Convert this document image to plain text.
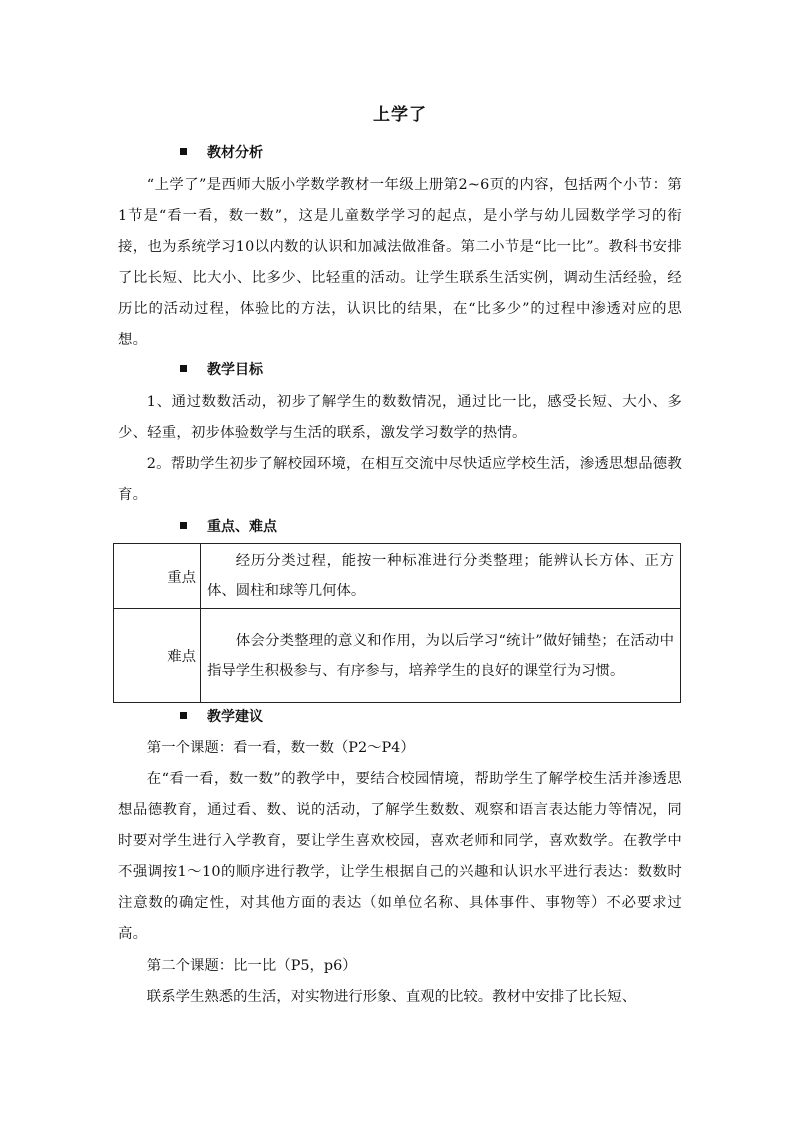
上学了
教材分析

“上学了”是西师大版小学数学教材一年级上册第2~6页的内容，包括两个小节：第1节是“看一看，数一数”，这是儿童数学学习的起点，是小学与幼儿园数学学习的衔接，也为系统学习10以内数的认识和加减法做准备。第二小节是“比一比”。教科书安排了比长短、比大小、比多少、比轻重的活动。让学生联系生活实例，调动生活经验，经历比的活动过程，体验比的方法，认识比的结果，在“比多少”的过程中渗透对应的思想。

教学目标

1、通过数数活动，初步了解学生的数数情况，通过比一比，感受长短、大小、多少、轻重，初步体验数学与生活的联系，激发学习数学的热情。

2。帮助学生初步了解校园环境，在相互交流中尽快适应学校生活，渗透思想品德教育。

重点、难点
重点	经历分类过程，能按一种标准进行分类整理；能辨认长方体、正方体、圆柱和球等几何体。
难点	体会分类整理的意义和作用，为以后学习“统计”做好铺垫；在活动中指导学生积极参与、有序参与，培养学生的良好的课堂行为习惯。
教学建议

第一个课题：看一看，数一数（P2～P4）

在“看一看，数一数”的教学中，要结合校园情境，帮助学生了解学校生活并渗透思想品德教育，通过看、数、说的活动，了解学生数数、观察和语言表达能力等情况，同时要对学生进行入学教育，要让学生喜欢校园，喜欢老师和同学，喜欢数学。在教学中不强调按1～10的顺序进行教学，让学生根据自己的兴趣和认识水平进行表达：数数时注意数的确定性，对其他方面的表达（如单位名称、具体事件、事物等）不必要求过高。

第二个课题：比一比（P5，p6）

联系学生熟悉的生活，对实物进行形象、直观的比较。教材中安排了比长短、
